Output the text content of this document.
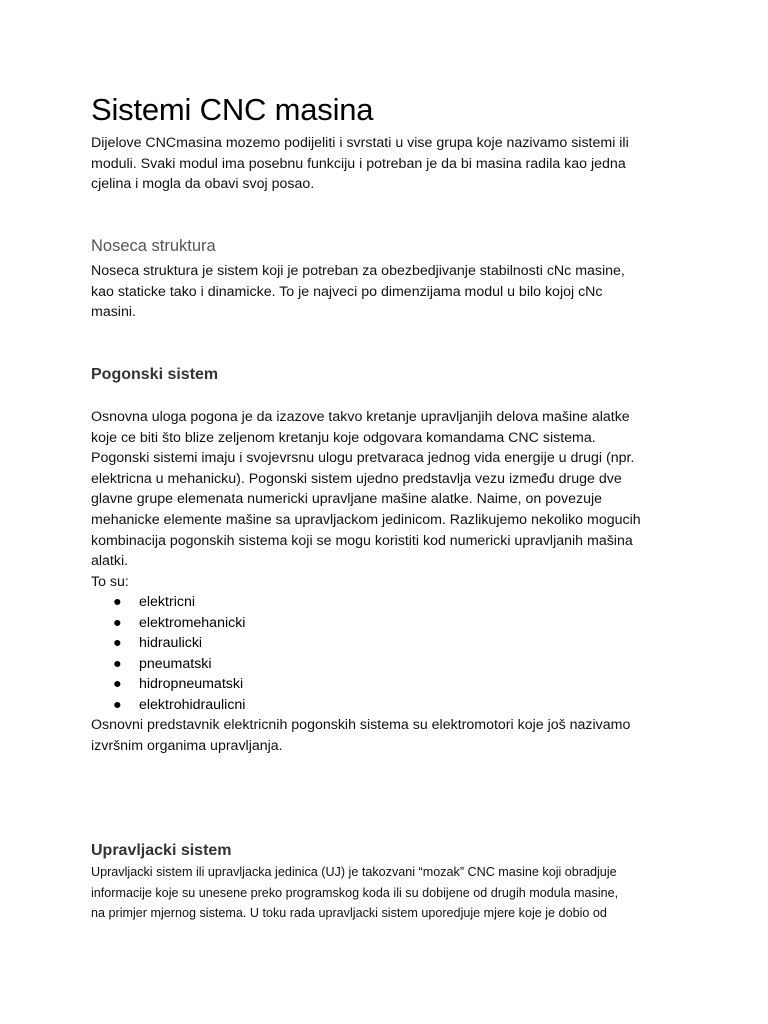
Sistemi CNC masina
Dijelove CNCmasina mozemo podijeliti i svrstati u vise grupa koje nazivamo sistemi ili
moduli. Svaki modul ima posebnu funkciju i potreban je da bi masina radila kao jedna
cjelina i mogla da obavi svoj posao.
Noseca struktura
Noseca struktura je sistem koji je potreban za obezbedjivanje stabilnosti cNc masine,
kao staticke tako i dinamicke. To je najveci po dimenzijama modul u bilo kojoj cNc
masini.
Pogonski sistem
Osnovna uloga pogona je da izazove takvo kretanje upravljanjih delova mašine alatke
koje ce biti što blize zeljenom kretanju koje odgovara komandama CNC sistema.
Pogonski sistemi imaju i svojevrsnu ulogu pretvaraca jednog vida energije u drugi (npr.
elektricna u mehanicku). Pogonski sistem ujedno predstavlja vezu između druge dve
glavne grupe elemenata numericki upravljane mašine alatke. Naime, on povezuje
mehanicke elemente mašine sa upravljackom jedinicom. Razlikujemo nekoliko mogucih
kombinacija pogonskih sistema koji se mogu koristiti kod numericki upravljanih mašina
alatki.
To su:
● elektricni
● elektromehanicki
● hidraulicki
● pneumatski
● hidropneumatski
● elektrohidraulicni
Osnovni predstavnik elektricnih pogonskih sistema su elektromotori koje još nazivamo
izvršnim organima upravljanja.
Upravljacki sistem
Upravljacki sistem ili upravljacka jedinica (UJ) je takozvani “mozak” CNC masine koji obradjuje
informacije koje su unesene preko programskog koda ili su dobijene od drugih modula masine,
na primjer mjernog sistema. U toku rada upravljacki sistem uporedjuje mjere koje je dobio od
